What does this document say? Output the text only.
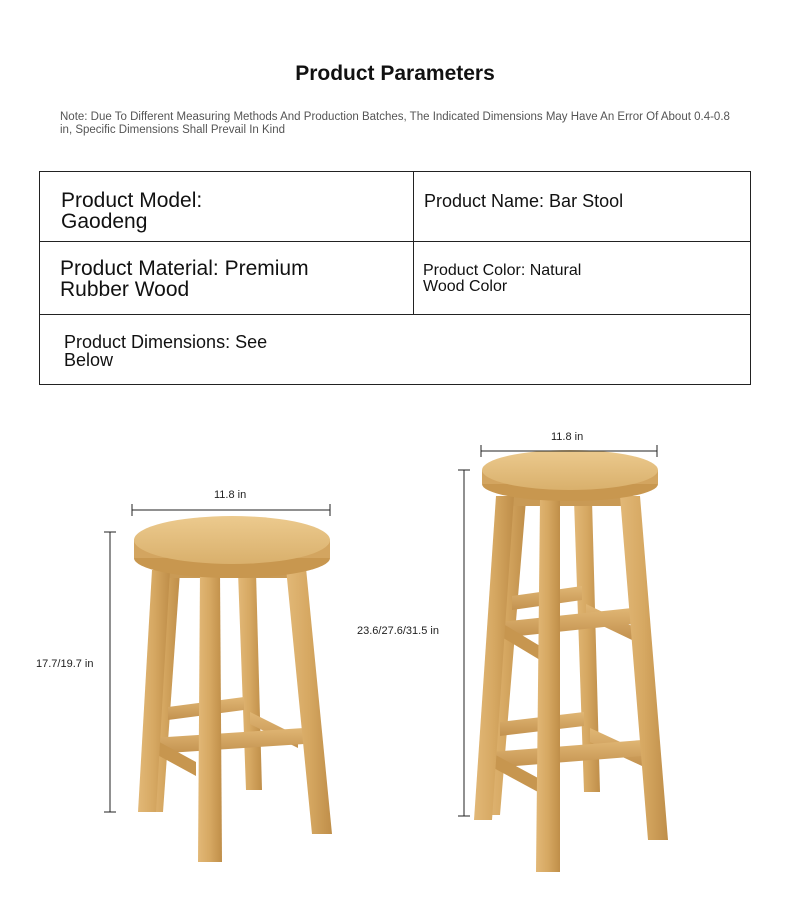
Product Parameters
Note: Due To Different Measuring Methods And Production Batches, The Indicated Dimensions May Have An Error Of About 0.4-0.8 in, Specific Dimensions Shall Prevail In Kind
Product Model: Gaodeng
Product Name: Bar Stool
Product Material: Premium Rubber Wood
Product Color: Natural Wood Color
Product Dimensions: See Below
11.8 in
17.7/19.7 in
11.8 in
23.6/27.6/31.5 in
